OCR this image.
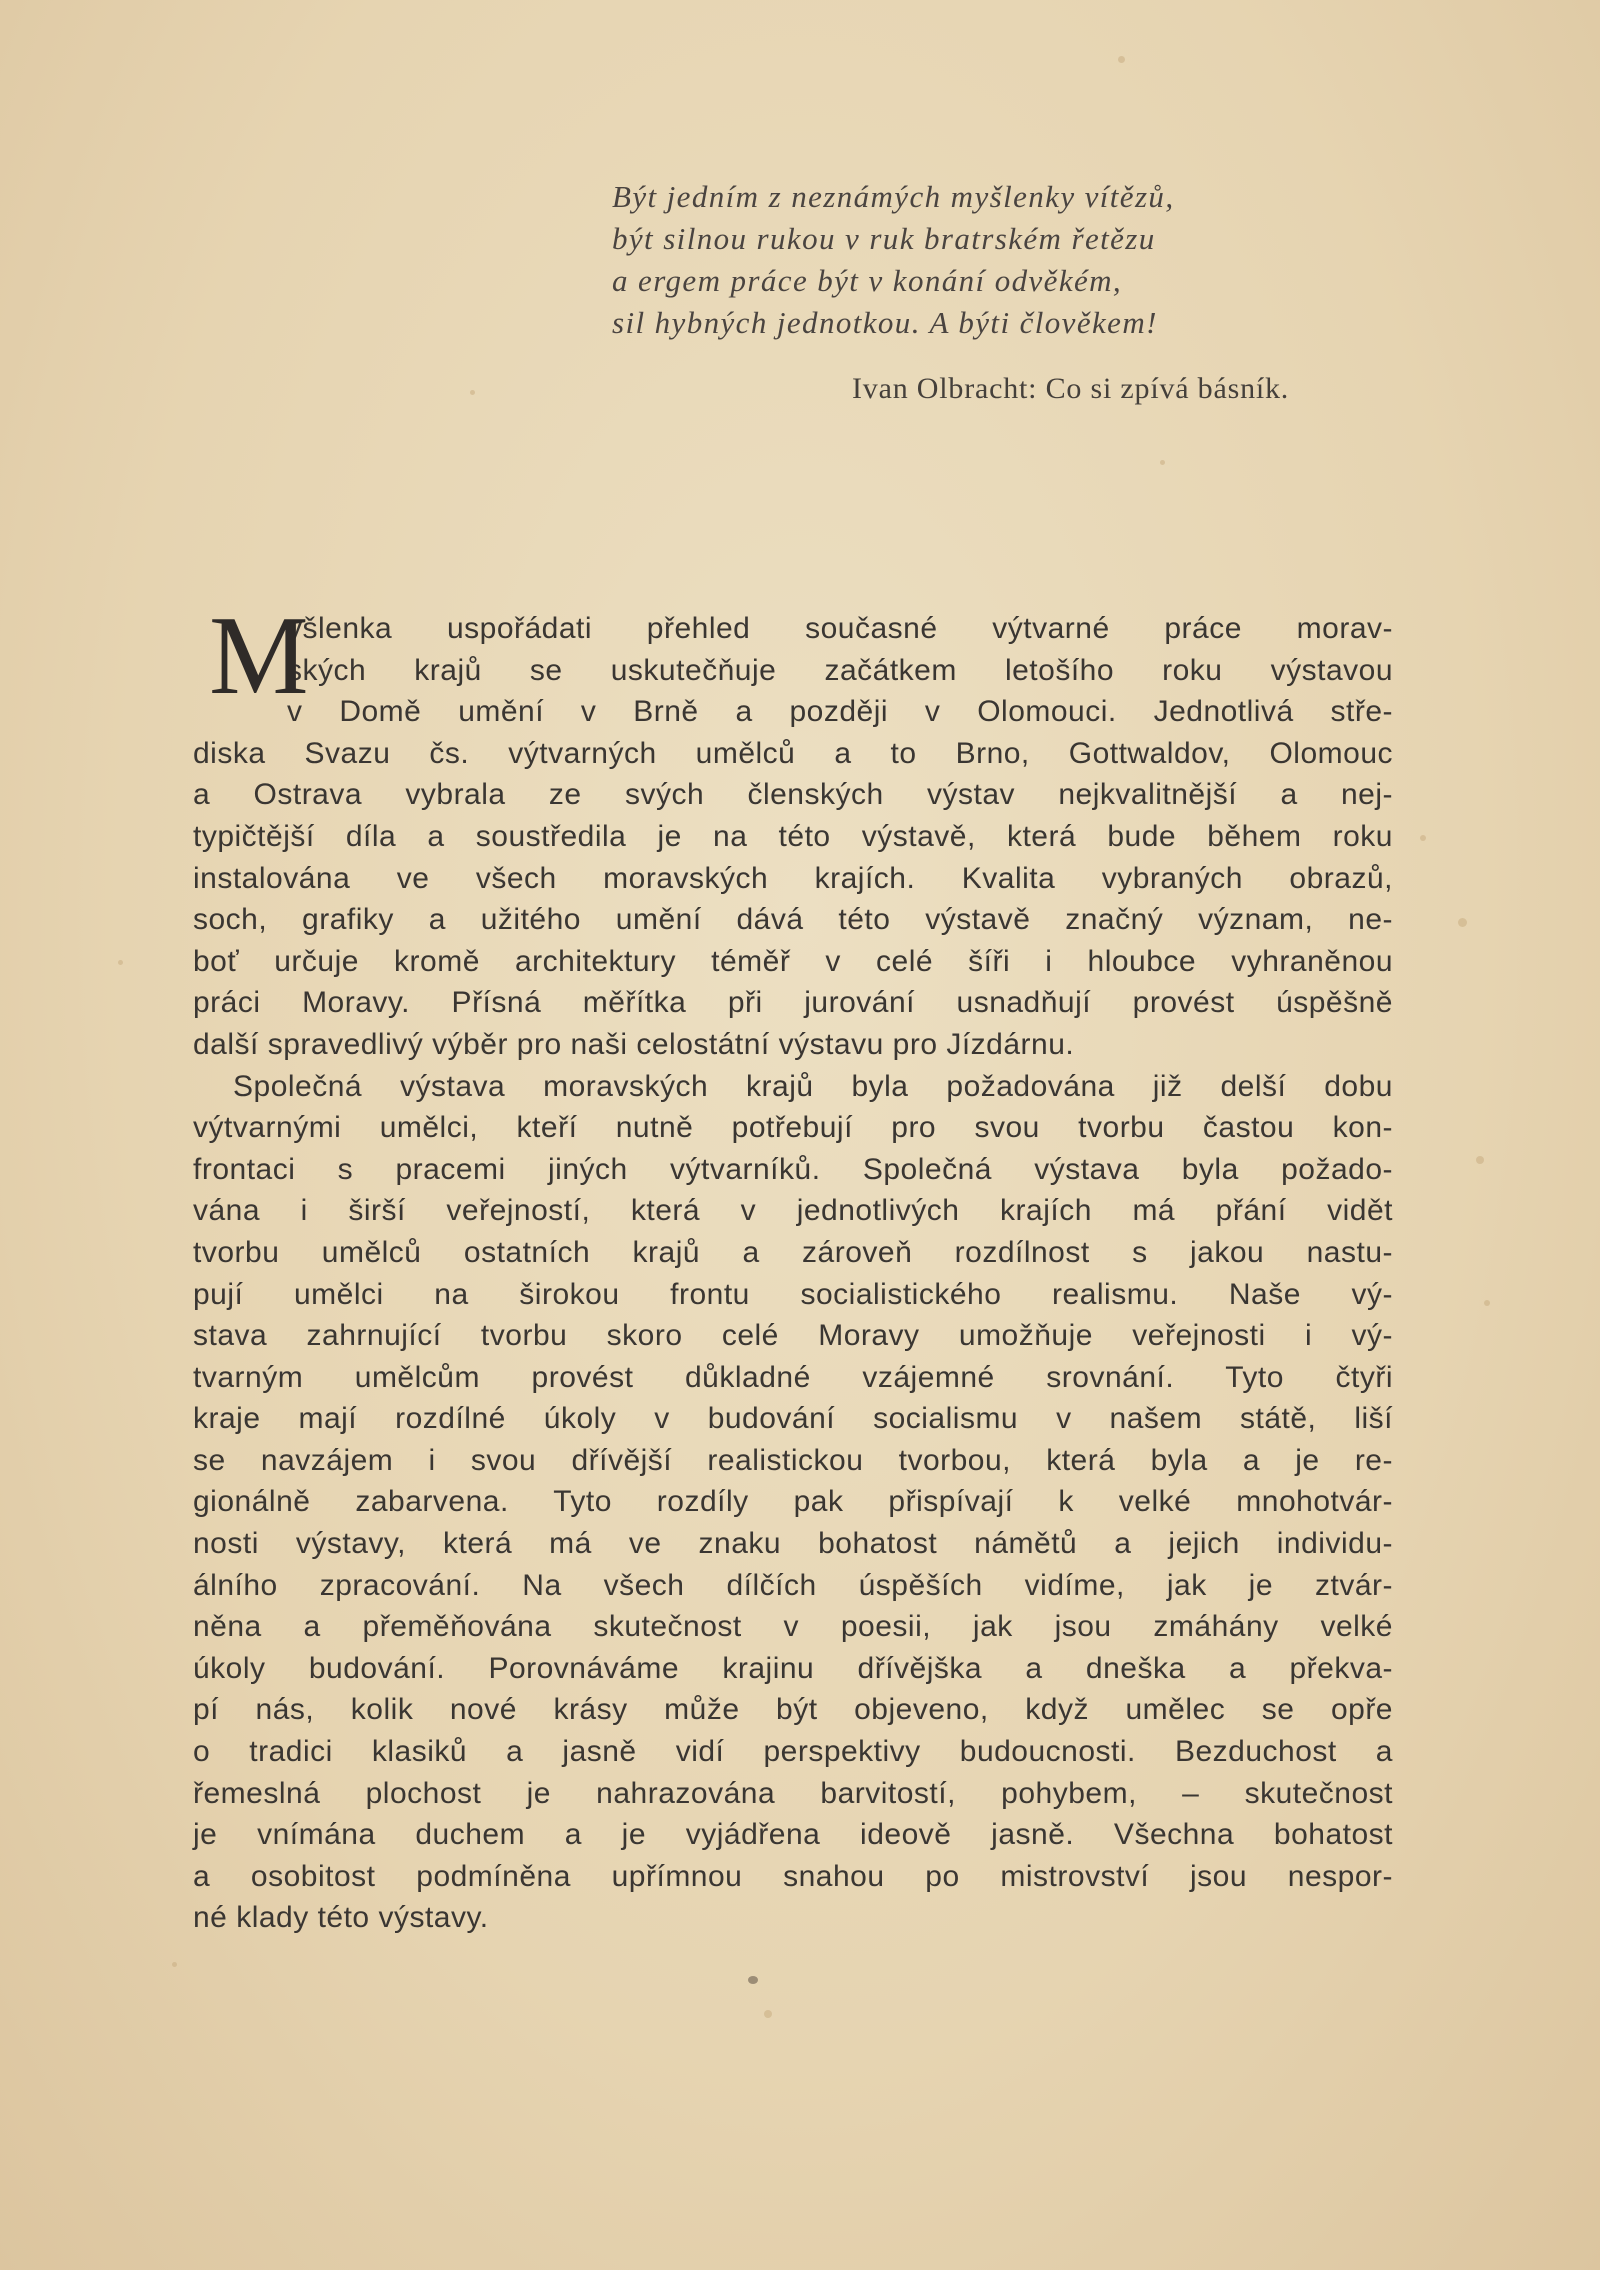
Být jedním z neznámých myšlenky vítězů,
být silnou rukou v ruk bratrském řetězu
a ergem práce být v konání odvěkém,
sil hybných jednotkou. A býti člověkem!
Ivan Olbracht: Co si zpívá básník.
M
yšlenka uspořádati přehled současné výtvarné práce morav-
ských krajů se uskutečňuje začátkem letošího roku výstavou
v Domě umění v Brně a později v Olomouci. Jednotlivá stře-
diska Svazu čs. výtvarných umělců a to Brno, Gottwaldov, Olomouc
a Ostrava vybrala ze svých členských výstav nejkvalitnější a nej-
typičtější díla a soustředila je na této výstavě, která bude během roku
instalována ve všech moravských krajích. Kvalita vybraných obrazů,
soch, grafiky a užitého umění dává této výstavě značný význam, ne-
boť určuje kromě architektury téměř v celé šíři i hloubce vyhraněnou
práci Moravy. Přísná měřítka při jurování usnadňují provést úspěšně
další spravedlivý výběr pro naši celostátní výstavu pro Jízdárnu.
Společná výstava moravských krajů byla požadována již delší dobu
výtvarnými umělci, kteří nutně potřebují pro svou tvorbu častou kon-
frontaci s pracemi jiných výtvarníků. Společná výstava byla požado-
vána i širší veřejností, která v jednotlivých krajích má přání vidět
tvorbu umělců ostatních krajů a zároveň rozdílnost s jakou nastu-
pují umělci na širokou frontu socialistického realismu. Naše vý-
stava zahrnující tvorbu skoro celé Moravy umožňuje veřejnosti i vý-
tvarným umělcům provést důkladné vzájemné srovnání. Tyto čtyři
kraje mají rozdílné úkoly v budování socialismu v našem státě, liší
se navzájem i svou dřívější realistickou tvorbou, která byla a je re-
gionálně zabarvena. Tyto rozdíly pak přispívají k velké mnohotvár-
nosti výstavy, která má ve znaku bohatost námětů a jejich individu-
álního zpracování. Na všech dílčích úspěších vidíme, jak je ztvár-
něna a přeměňována skutečnost v poesii, jak jsou zmáhány velké
úkoly budování. Porovnáváme krajinu dřívějška a dneška a překva-
pí nás, kolik nové krásy může být objeveno, když umělec se opře
o tradici klasiků a jasně vidí perspektivy budoucnosti. Bezduchost a
řemeslná plochost je nahrazována barvitostí, pohybem, – skutečnost
je vnímána duchem a je vyjádřena ideově jasně. Všechna bohatost
a osobitost podmíněna upřímnou snahou po mistrovství jsou nespor-
né klady této výstavy.
